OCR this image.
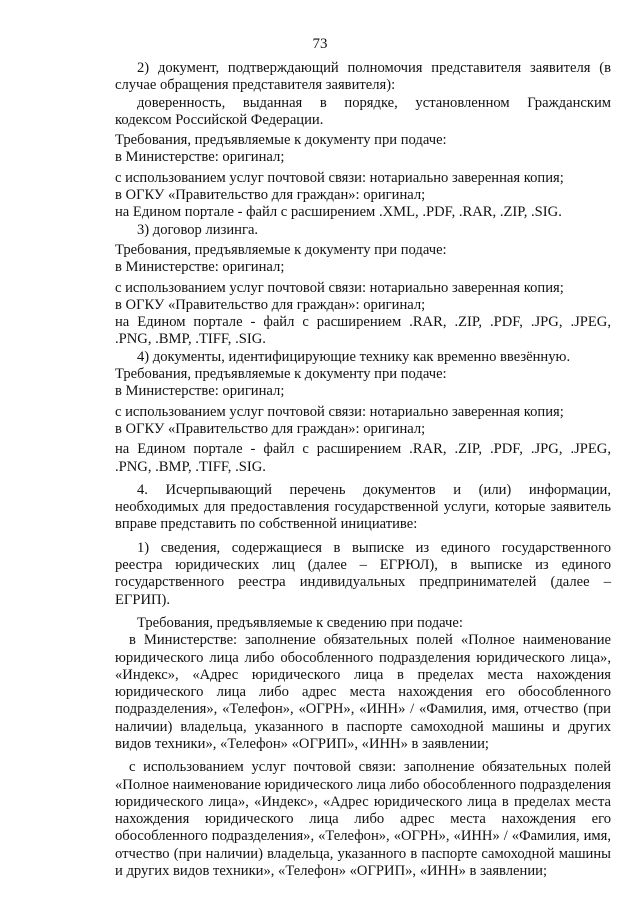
73

2) документ, подтверждающий полномочия представителя заявителя (в

случае обращения представителя заявителя):

доверенность, выданная в порядке, установленном Гражданским

кодексом Российской Федерации.

Требования, предъявляемые к документу при подаче:

в Министерстве: оригинал;

с использованием услуг почтовой связи: нотариально заверенная копия;

в ОГКУ «Правительство для граждан»: оригинал;

на Едином портале - файл с расширением .XML, .PDF, .RAR, .ZIP, .SIG.

3) договор лизинга.

Требования, предъявляемые к документу при подаче:

в Министерстве: оригинал;

с использованием услуг почтовой связи: нотариально заверенная копия;

в ОГКУ «Правительство для граждан»: оригинал;

на Едином портале - файл с расширением .RAR, .ZIP, .PDF, .JPG, .JPEG,

.PNG, .BMP, .TIFF, .SIG.

4) документы, идентифицирующие технику как временно ввезённую.

Требования, предъявляемые к документу при подаче:

в Министерстве: оригинал;

с использованием услуг почтовой связи: нотариально заверенная копия;

в ОГКУ «Правительство для граждан»: оригинал;

на Едином портале - файл с расширением .RAR, .ZIP, .PDF, .JPG, .JPEG,

.PNG, .BMP, .TIFF, .SIG.

4. Исчерпывающий перечень документов и (или) информации,

необходимых для предоставления государственной услуги, которые заявитель

вправе представить по собственной инициативе:

1) сведения, содержащиеся в выписке из единого государственного

реестра юридических лиц (далее – ЕГРЮЛ), в выписке из единого

государственного реестра индивидуальных предпринимателей (далее –

ЕГРИП).

Требования, предъявляемые к сведению при подаче:

в Министерстве: заполнение обязательных полей «Полное наименование

юридического лица либо обособленного подразделения юридического лица»,

«Индекс», «Адрес юридического лица в пределах места нахождения

юридического лица либо адрес места нахождения его обособленного

подразделения», «Телефон», «ОГРН», «ИНН» / «Фамилия, имя, отчество (при

наличии) владельца, указанного в паспорте самоходной машины и других

видов техники», «Телефон» «ОГРИП», «ИНН» в заявлении;

с использованием услуг почтовой связи: заполнение обязательных полей

«Полное наименование юридического лица либо обособленного подразделения

юридического лица», «Индекс», «Адрес юридического лица в пределах места

нахождения юридического лица либо адрес места нахождения его

обособленного подразделения», «Телефон», «ОГРН», «ИНН» / «Фамилия, имя,

отчество (при наличии) владельца, указанного в паспорте самоходной машины

и других видов техники», «Телефон» «ОГРИП», «ИНН» в заявлении;
